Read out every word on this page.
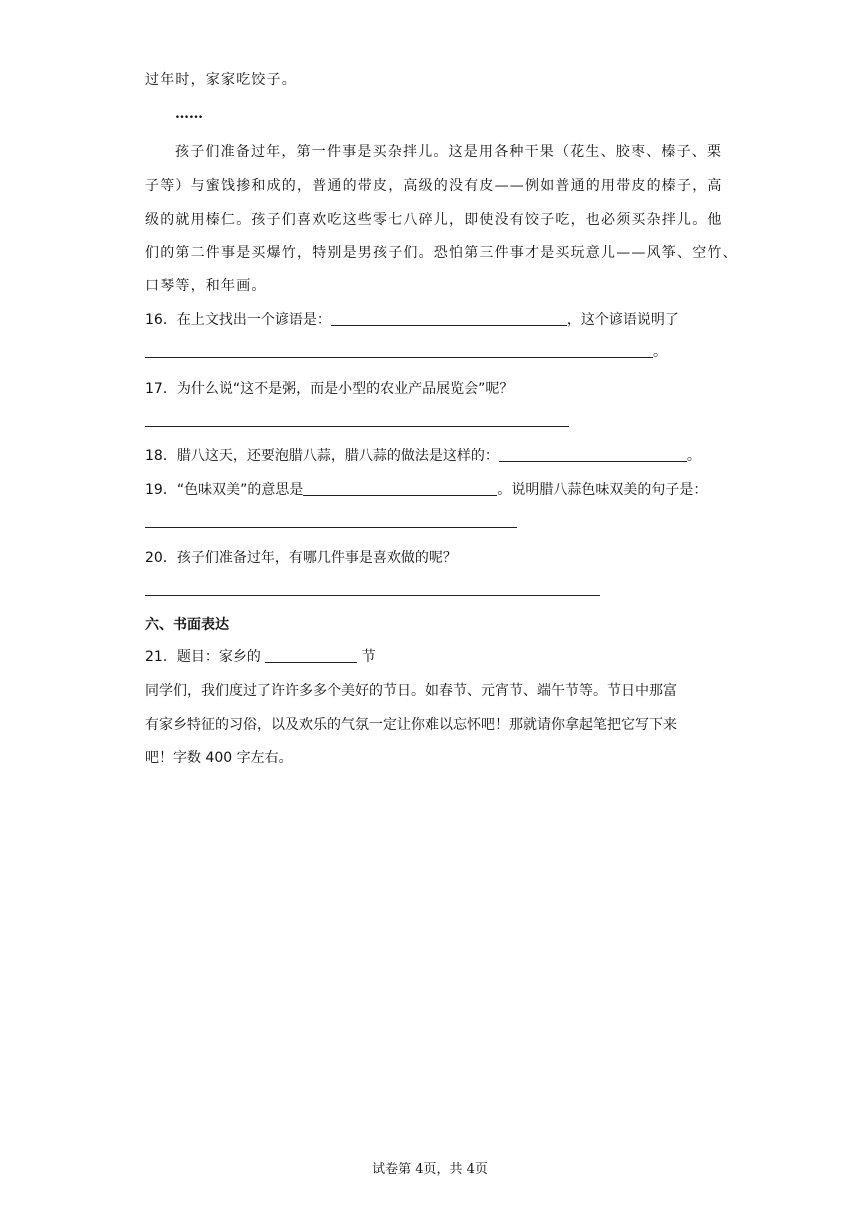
过年时，家家吃饺子。
……
孩子们准备过年，第一件事是买杂拌儿。这是用各种干果（花生、胶枣、榛子、栗
子等）与蜜饯掺和成的，普通的带皮，高级的没有皮——例如普通的用带皮的榛子，高
级的就用榛仁。孩子们喜欢吃这些零七八碎儿，即使没有饺子吃，也必须买杂拌儿。他
们的第二件事是买爆竹，特别是男孩子们。恐怕第三件事才是买玩意儿——风筝、空竹、
口琴等，和年画。
16．在上文找出一个谚语是：	，这个谚语说明了
。
17．为什么说“这不是粥，而是小型的农业产品展览会”呢？
18．腊八这天，还要泡腊八蒜，腊八蒜的做法是这样的：	。
19．“色味双美”的意思是	。说明腊八蒜色味双美的句子是：
20．孩子们准备过年，有哪几件事是喜欢做的呢？
六、书面表达
21．题目：家乡的	节
同学们，我们度过了许许多多个美好的节日。如春节、元宵节、端午节等。节日中那富
有家乡特征的习俗，以及欢乐的气氛一定让你难以忘怀吧！那就请你拿起笔把它写下来
吧！字数 400 字左右。
试卷第 4页，共 4页
